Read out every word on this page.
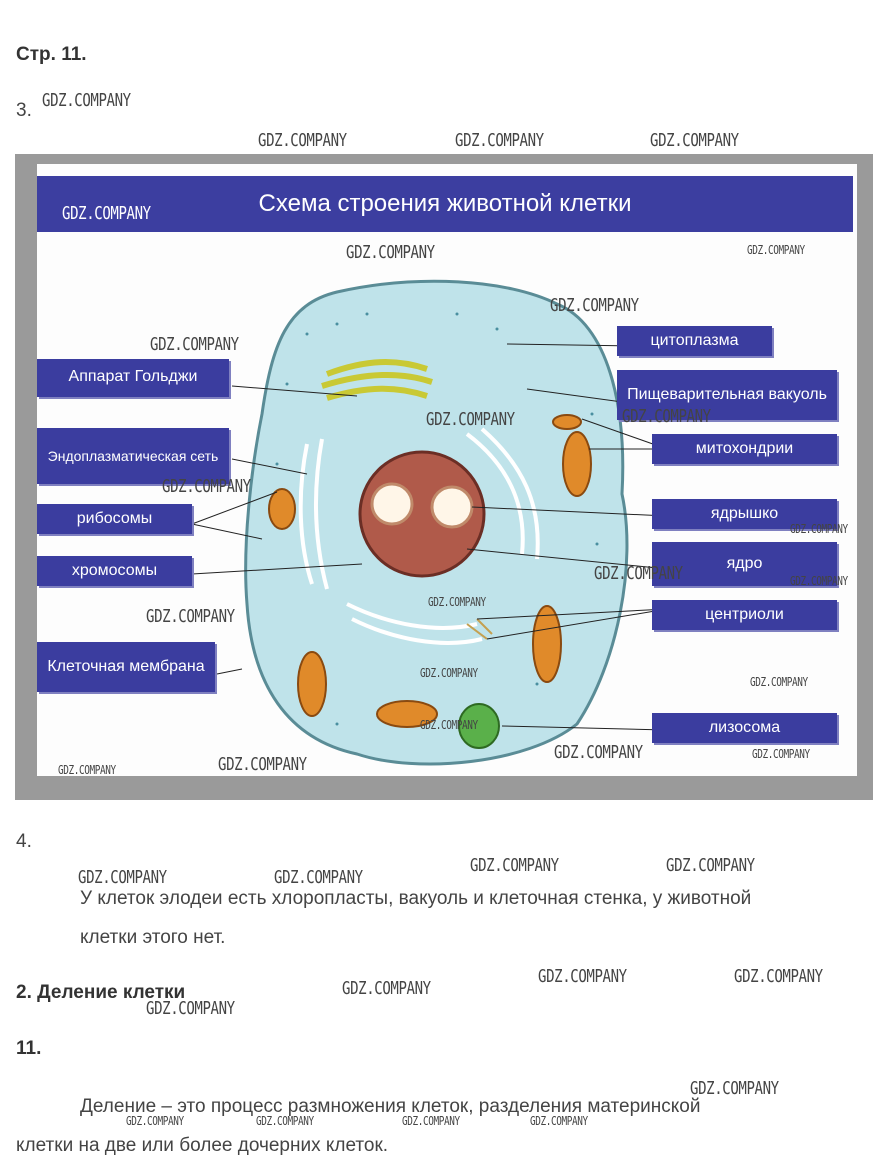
Стр. 11.
3.
Схема строения животной клетки
Аппарат Гольджи
Эндоплазматическая сеть
рибосомы
хромосомы
Клеточная мембрана
цитоплазма
Пищеварительная вакуоль
митохондрии
ядрышко
ядро
центриоли
лизосома
4.
У клеток элодеи есть хлоропласты, вакуоль и клеточная стенка, у животной
клетки этого нет.
2. Деление клетки
11.
Деление – это процесс размножения клеток, разделения материнской
клетки на две или более дочерних клеток.
GDZ.COMPANY
GDZ.COMPANY	GDZ.COMPANY	GDZ.COMPANY
GDZ.COMPANY
GDZ.COMPANY	GDZ.COMPANY
GDZ.COMPANY
GDZ.COMPANY
GDZ.COMPANY	GDZ.COMPANY
GDZ.COMPANY
GDZ.COMPANY
GDZ.COMPANY	GDZ.COMPANY
GDZ.COMPANY
GDZ.COMPANY
GDZ.COMPANY
GDZ.COMPANY
GDZ.COMPANY
GDZ.COMPANY	GDZ.COMPANY
GDZ.COMPANY
GDZ.COMPANY
GDZ.COMPANY	GDZ.COMPANY
GDZ.COMPANY	GDZ.COMPANY
GDZ.COMPANY	GDZ.COMPANY
GDZ.COMPANY
GDZ.COMPANY
GDZ.COMPANY
GDZ.COMPANY	GDZ.COMPANY	GDZ.COMPANY	GDZ.COMPANY
